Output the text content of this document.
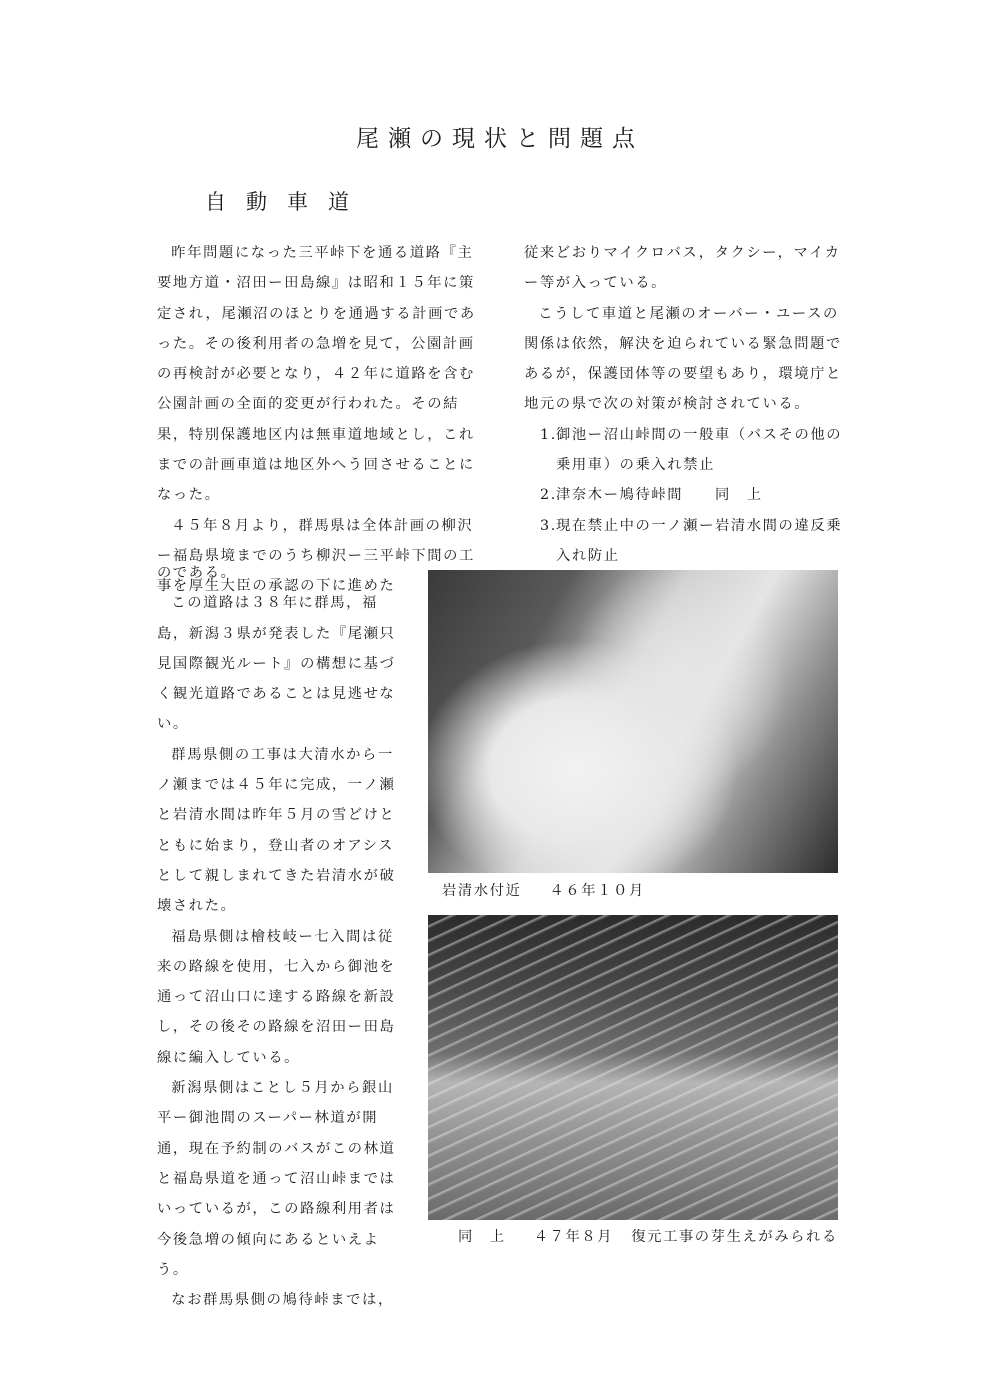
尾瀬の現状と問題点
自動車道

昨年問題になった三平峠下を通る道路『主要地方道・沼田ー田島線』は昭和１５年に策定され，尾瀬沼のほとりを通過する計画であった。その後利用者の急増を見て，公園計画の再検討が必要となり，４２年に道路を含む公園計画の全面的変更が行われた。その結果，特別保護地区内は無車道地域とし，これまでの計画車道は地区外へう回させることになった。

４５年８月より，群馬県は全体計画の柳沢ー福島県境までのうち柳沢ー三平峠下間の工事を厚生大臣の承認の下に進めた

のである。

この道路は３８年に群馬，福島，新潟３県が発表した『尾瀬只見国際観光ルート』の構想に基づく観光道路であることは見逃せない。

群馬県側の工事は大清水から一ノ瀬までは４５年に完成，一ノ瀬と岩清水間は昨年５月の雪どけとともに始まり，登山者のオアシスとして親しまれてきた岩清水が破壊された。

福島県側は檜枝岐ー七入間は従来の路線を使用，七入から御池を通って沼山口に達する路線を新設し，その後その路線を沼田ー田島線に編入している。

新潟県側はことし５月から銀山平ー御池間のスーパー林道が開通，現在予約制のバスがこの林道と福島県道を通って沼山峠まではいっているが，この路線利用者は今後急増の傾向にあるといえよう。

なお群馬県側の鳩待峠までは，

従来どおりマイクロバス，タクシー，マイカー等が入っている。

こうして車道と尾瀬のオーバー・ユースの関係は依然，解決を迫られている緊急問題であるが，保護団体等の要望もあり，環境庁と地元の県で次の対策が検討されている。

1. 御池ー沼山峠間の一般車（バスその他の乗用車）の乗入れ禁止
2. 津奈木ー鳩待峠間　　同　上
3. 現在禁止中の一ノ瀬ー岩清水間の違反乗入れ防止

岩清水付近 ４６年１０月

同　上 ４７年８月 復元工事の芽生えがみられる
